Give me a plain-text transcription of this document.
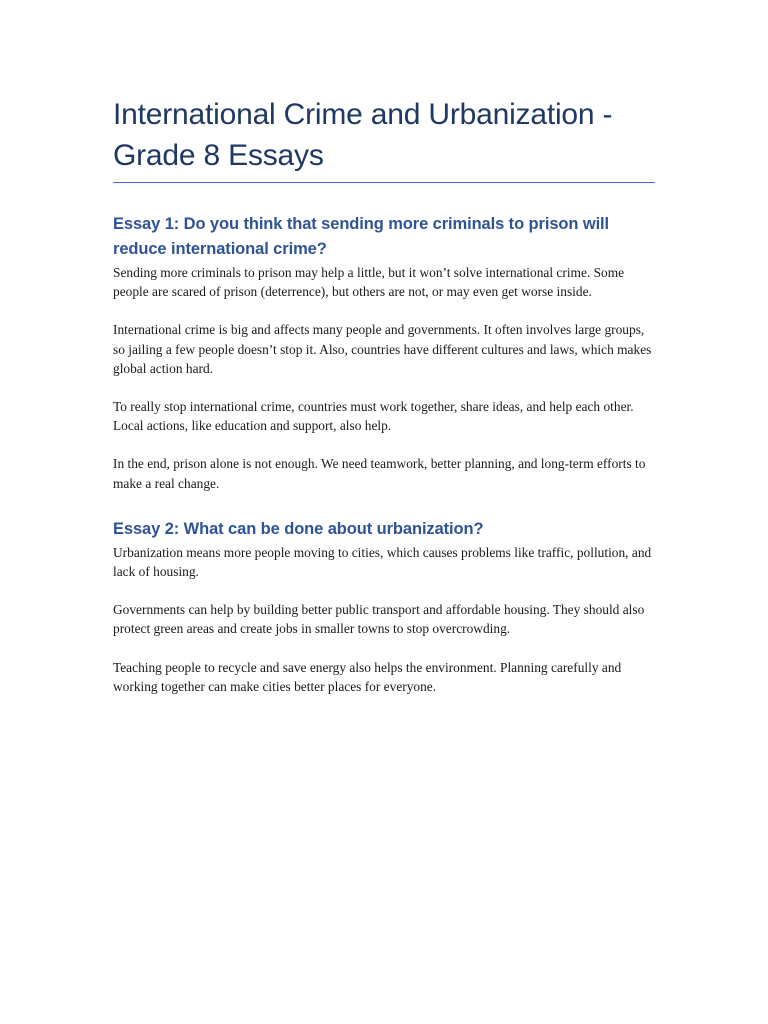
International Crime and Urbanization - Grade 8 Essays
Essay 1: Do you think that sending more criminals to prison will reduce international crime?

Sending more criminals to prison may help a little, but it won’t solve international crime. Some people are scared of prison (deterrence), but others are not, or may even get worse inside.

International crime is big and affects many people and governments. It often involves large groups, so jailing a few people doesn’t stop it. Also, countries have different cultures and laws, which makes global action hard.

To really stop international crime, countries must work together, share ideas, and help each other. Local actions, like education and support, also help.

In the end, prison alone is not enough. We need teamwork, better planning, and long-term efforts to make a real change.

Essay 2: What can be done about urbanization?

Urbanization means more people moving to cities, which causes problems like traffic, pollution, and lack of housing.

Governments can help by building better public transport and affordable housing. They should also protect green areas and create jobs in smaller towns to stop overcrowding.

Teaching people to recycle and save energy also helps the environment. Planning carefully and working together can make cities better places for everyone.
